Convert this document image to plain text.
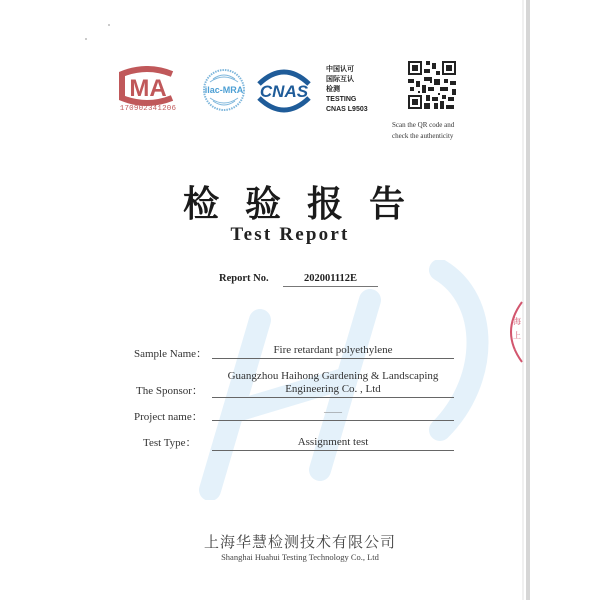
MA
170902341206
ilac-MRA CNAS
中国认可
国际互认
检测
TESTING
CNAS L9503
Scan the QR code and
check the authenticity
检验报告
Test Report
Report No.	202001112E
Sample Name：	Fire retardant polyethylene
The Sponsor：
Guangzhou Haihong Gardening & Landscaping
Engineering Co. , Ltd
Project name：	——
Test Type：	Assignment test
上海华慧检测技术有限公司
Shanghai Huahui Testing Technology Co., Ltd
海
上
·
